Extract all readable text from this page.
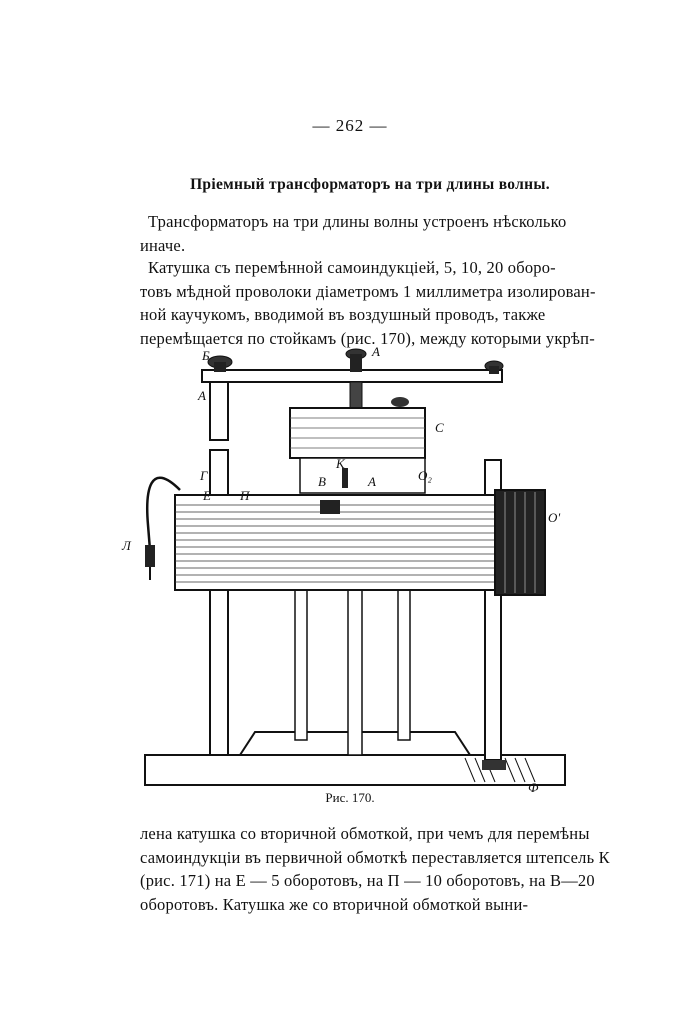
— 262 —
Пріемный трансформаторъ на три длины волны.
Трансформаторъ на три длины волны устроенъ нѣсколько
иначе.
Катушка съ перемѣнной самоиндукціей, 5, 10, 20 оборо-
товъ мѣдной проволоки діаметромъ 1 миллиметра изолирован-
ной каучукомъ, вводимой въ воздушный проводъ, также
перемѣщается по стойкамъ (рис. 170), между которыми укрѣп-
Б	А
А
С
Г
Е П
К
В	А	O₂
O'
Л
Ф
Рис. 170.
лена катушка со вторичной обмоткой, при чемъ для перемѣны
самоиндукціи въ первичной обмоткѣ переставляется штепсель К
(рис. 171) на Е — 5 оборотовъ, на П — 10 оборотовъ, на В—20
оборотовъ. Катушка же со вторичной обмоткой выни-
